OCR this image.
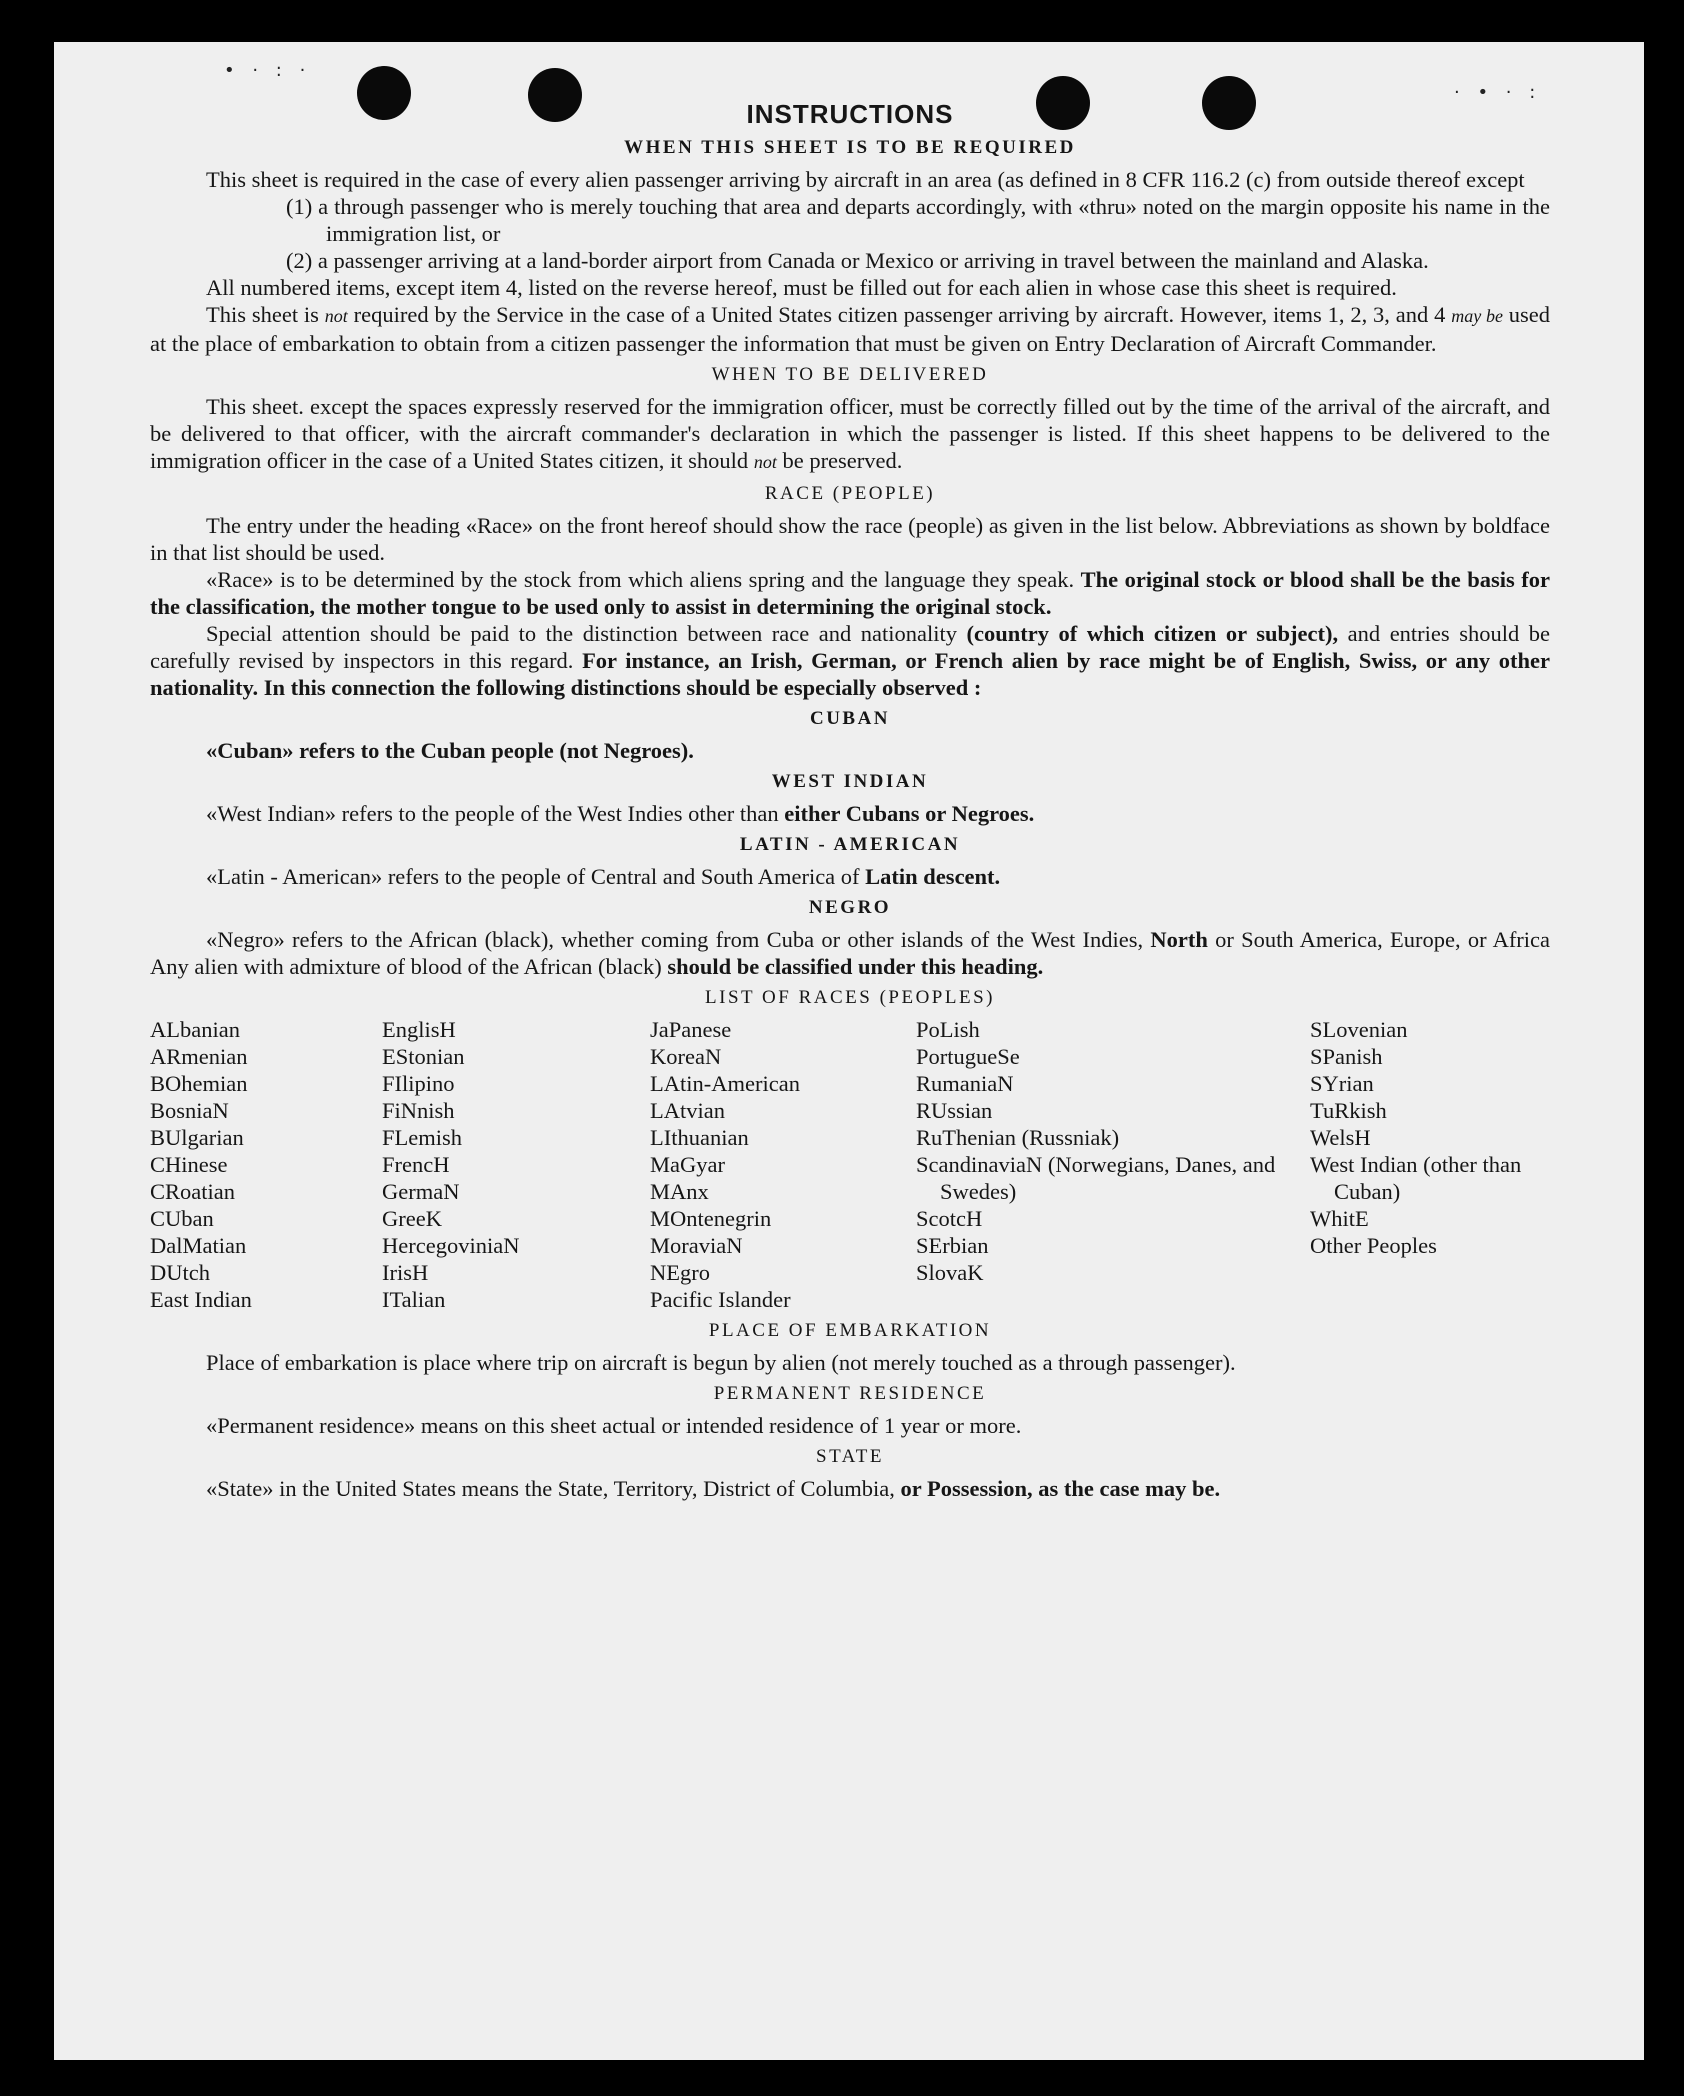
• · : ·
· • · :
INSTRUCTIONS
WHEN THIS SHEET IS TO BE REQUIRED

This sheet is required in the case of every alien passenger arriving by aircraft in an area (as defined in 8 CFR 116.2 (c) from outside thereof except

(1) a through passenger who is merely touching that area and departs accordingly, with «thru» noted on the margin opposite his name in the immigration list, or

(2) a passenger arriving at a land-border airport from Canada or Mexico or arriving in travel between the mainland and Alaska.

All numbered items, except item 4, listed on the reverse hereof, must be filled out for each alien in whose case this sheet is required.

This sheet is not required by the Service in the case of a United States citizen passenger arriving by aircraft. However, items 1, 2, 3, and 4 may be used at the place of embarkation to obtain from a citizen passenger the information that must be given on Entry Declaration of Aircraft Commander.

WHEN TO BE DELIVERED

This sheet. except the spaces expressly reserved for the immigration officer, must be correctly filled out by the time of the arrival of the aircraft, and be delivered to that officer, with the aircraft commander's declaration in which the passenger is listed. If this sheet happens to be delivered to the immigration officer in the case of a United States citizen, it should not be preserved.

RACE (PEOPLE)

The entry under the heading «Race» on the front hereof should show the race (people) as given in the list below. Abbreviations as shown by boldface in that list should be used.

«Race» is to be determined by the stock from which aliens spring and the language they speak. The original stock or blood shall be the basis for the classification, the mother tongue to be used only to assist in determining the original stock.

Special attention should be paid to the distinction between race and nationality (country of which citizen or subject), and entries should be carefully revised by inspectors in this regard. For instance, an Irish, German, or French alien by race might be of English, Swiss, or any other nationality. In this connection the following distinctions should be especially observed :

CUBAN

«Cuban» refers to the Cuban people (not Negroes).

WEST INDIAN

«West Indian» refers to the people of the West Indies other than either Cubans or Negroes.

LATIN - AMERICAN

«Latin - American» refers to the people of Central and South America of Latin descent.

NEGRO

«Negro» refers to the African (black), whether coming from Cuba or other islands of the West Indies, North or South America, Europe, or Africa Any alien with admixture of blood of the African (black) should be classified under this heading.

LIST OF RACES (PEOPLES)
ALbanian
ARmenian
BOhemian
BosniaN
BUlgarian
CHinese
CRoatian
CUban
DalMatian
DUtch
East Indian
EnglisH
EStonian
FIlipino
FiNnish
FLemish
FrencH
GermaN
GreeK
HercegoviniaN
IrisH
ITalian
JaPanese
KoreaN
LAtin-American
LAtvian
LIthuanian
MaGyar
MAnx
MOntenegrin
MoraviaN
NEgro
Pacific Islander
PoLish
PortugueSe
RumaniaN
RUssian
RuThenian (Russniak)
ScandinaviaN (Norwegians, Danes, and Swedes)
ScotcH
SErbian
SlovaK
SLovenian
SPanish
SYrian
TuRkish
WelsH
West Indian (other than Cuban)
WhitE
Other Peoples
PLACE OF EMBARKATION

Place of embarkation is place where trip on aircraft is begun by alien (not merely touched as a through passenger).

PERMANENT RESIDENCE

«Permanent residence» means on this sheet actual or intended residence of 1 year or more.

STATE

«State» in the United States means the State, Territory, District of Columbia, or Possession, as the case may be.
